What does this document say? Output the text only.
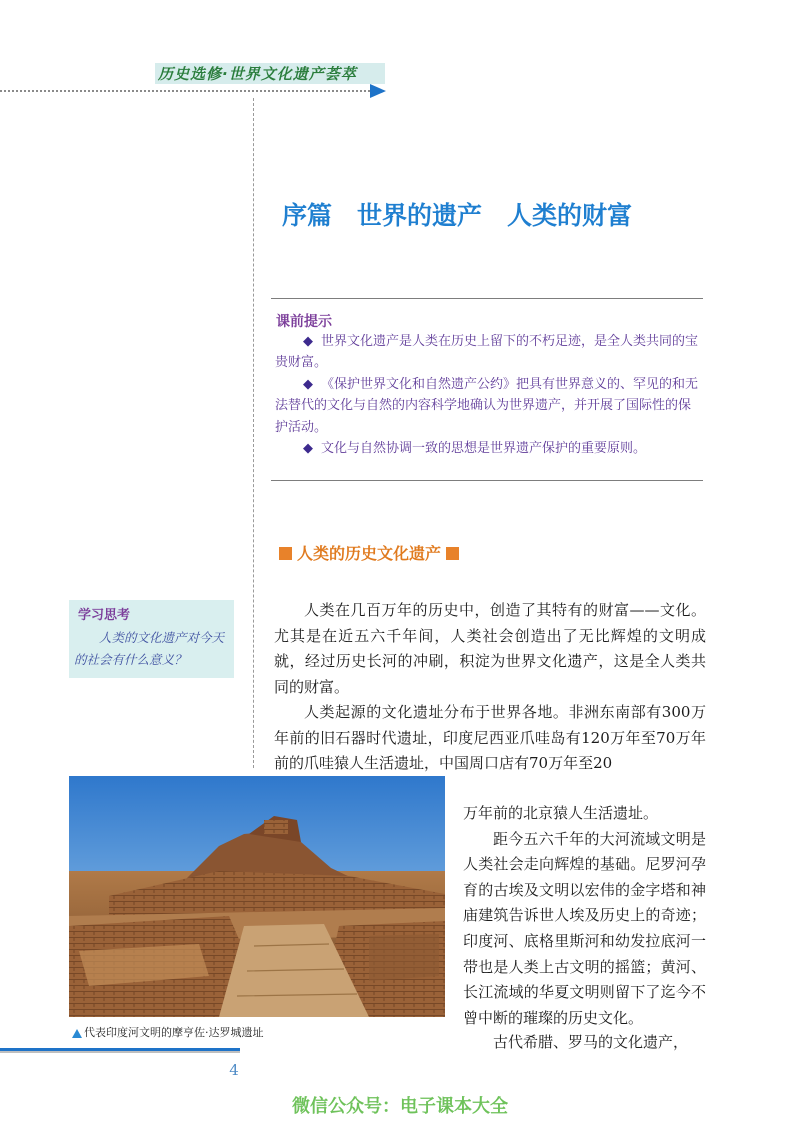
历史选修·世界文化遗产荟萃
序篇　世界的遗产　人类的财富
课前提示

◆ 世界文化遗产是人类在历史上留下的不朽足迹，是全人类共同的宝贵财富。

◆ 《保护世界文化和自然遗产公约》把具有世界意义的、罕见的和无法替代的文化与自然的内容科学地确认为世界遗产，并开展了国际性的保护活动。

◆ 文化与自然协调一致的思想是世界遗产保护的重要原则。

人类的历史文化遗产
学习思考

人类的文化遗产对今天的社会有什么意义？

人类在几百万年的历史中，创造了其特有的财富——文化。尤其是在近五六千年间，人类社会创造出了无比辉煌的文明成就，经过历史长河的冲刷，积淀为世界文化遗产，这是全人类共同的财富。

人类起源的文化遗址分布于世界各地。非洲东南部有300万年前的旧石器时代遗址，印度尼西亚爪哇岛有120万年至70万年前的爪哇猿人生活遗址，中国周口店有70万年至20

万年前的北京猿人生活遗址。

距今五六千年的大河流域文明是人类社会走向辉煌的基础。尼罗河孕育的古埃及文明以宏伟的金字塔和神庙建筑告诉世人埃及历史上的奇迹；印度河、底格里斯河和幼发拉底河一带也是人类上古文明的摇篮；黄河、长江流域的华夏文明则留下了迄今不曾中断的璀璨的历史文化。

古代希腊、罗马的文化遗产，

代表印度河文明的摩亨佐·达罗城遗址
4
微信公众号：电子课本大全
